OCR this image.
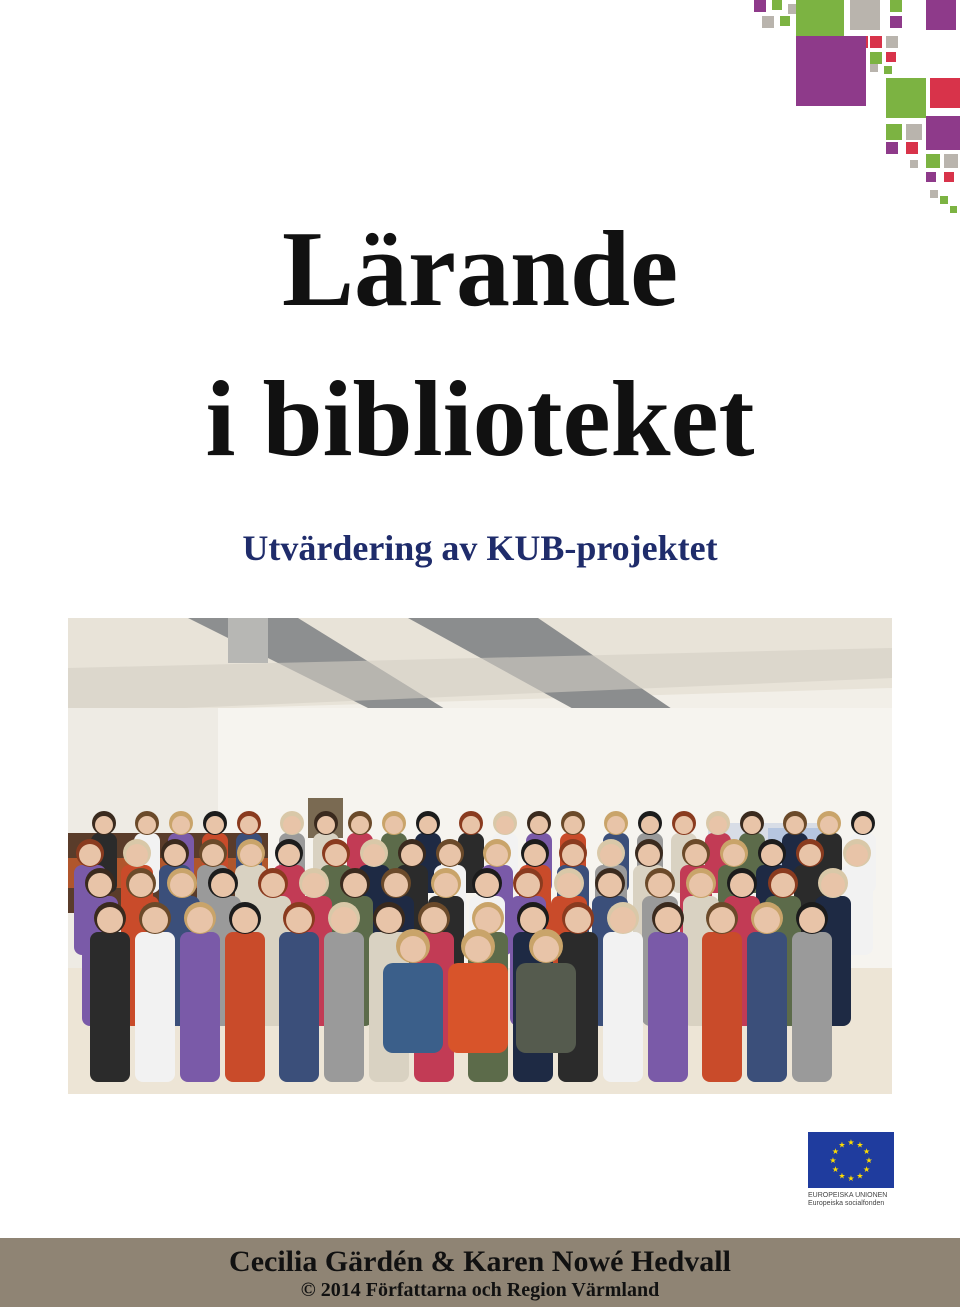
Lärande
i biblioteket
Utvärdering av KUB-projektet
★ ★
★
★
★
★
★
★
★
★
★
★
EUROPEISKA UNIONEN
Europeiska socialfonden

Cecilia Gärdén & Karen Nowé Hedvall

© 2014 Författarna och Region Värmland
